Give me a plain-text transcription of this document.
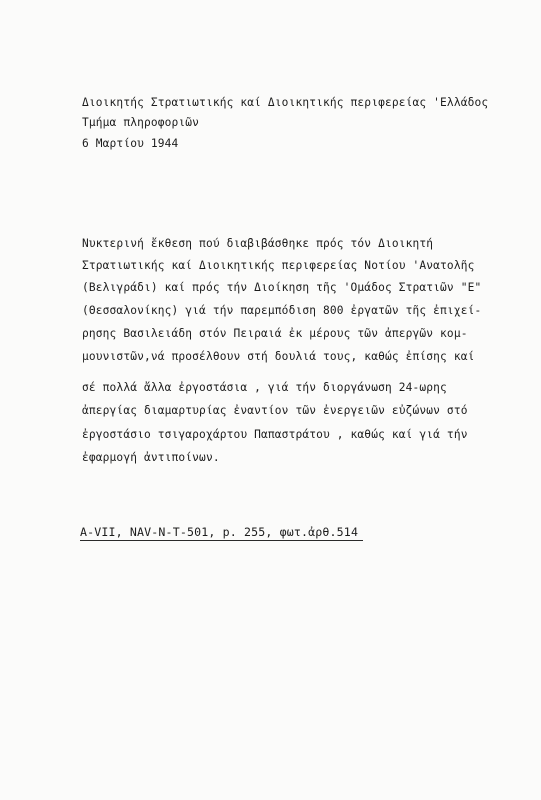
Διοικητής Στρατιωτικής καί Διοικητικής περιφερείας 'Ελλάδος
Τμήμα πληροφοριῶν
6 Μαρτίου 1944
Νυκτερινή ἔκθεση πού διαβιβάσθηκε πρός τόν Διοικητή
Στρατιωτικής καί Διοικητικής περιφερείας Νοτίου 'Ανατολῆς
(Βελιγράδι) καί πρός τήν Διοίκηση τῆς 'Ομάδος Στρατιῶν "Ε"
(Θεσσαλονίκης) γιά τήν παρεμπόδιση 800 ἐργατῶν τῆς ἐπιχεί-
ρησης Βασιλειάδη στόν Πειραιά ἐκ μέρους τῶν ἀπεργῶν κομ-
μουνιστῶν,νά προσέλθουν στή δουλιά τους, καθώς ἐπίσης καί
σέ πολλά ἄλλα ἐργοστάσια , γιά τήν διοργάνωση 24-ωρης
ἀπεργίας διαμαρτυρίας ἐναντίον τῶν ἐνεργειῶν εὐζώνων στό
ἐργοστάσιο τσιγαροχάρτου Παπαστράτου , καθώς καί γιά τήν
ἐφαρμογή ἀντιποίνων.
A-VII, NAV-N-T-501, p. 255, φωτ.ἀρθ.514
